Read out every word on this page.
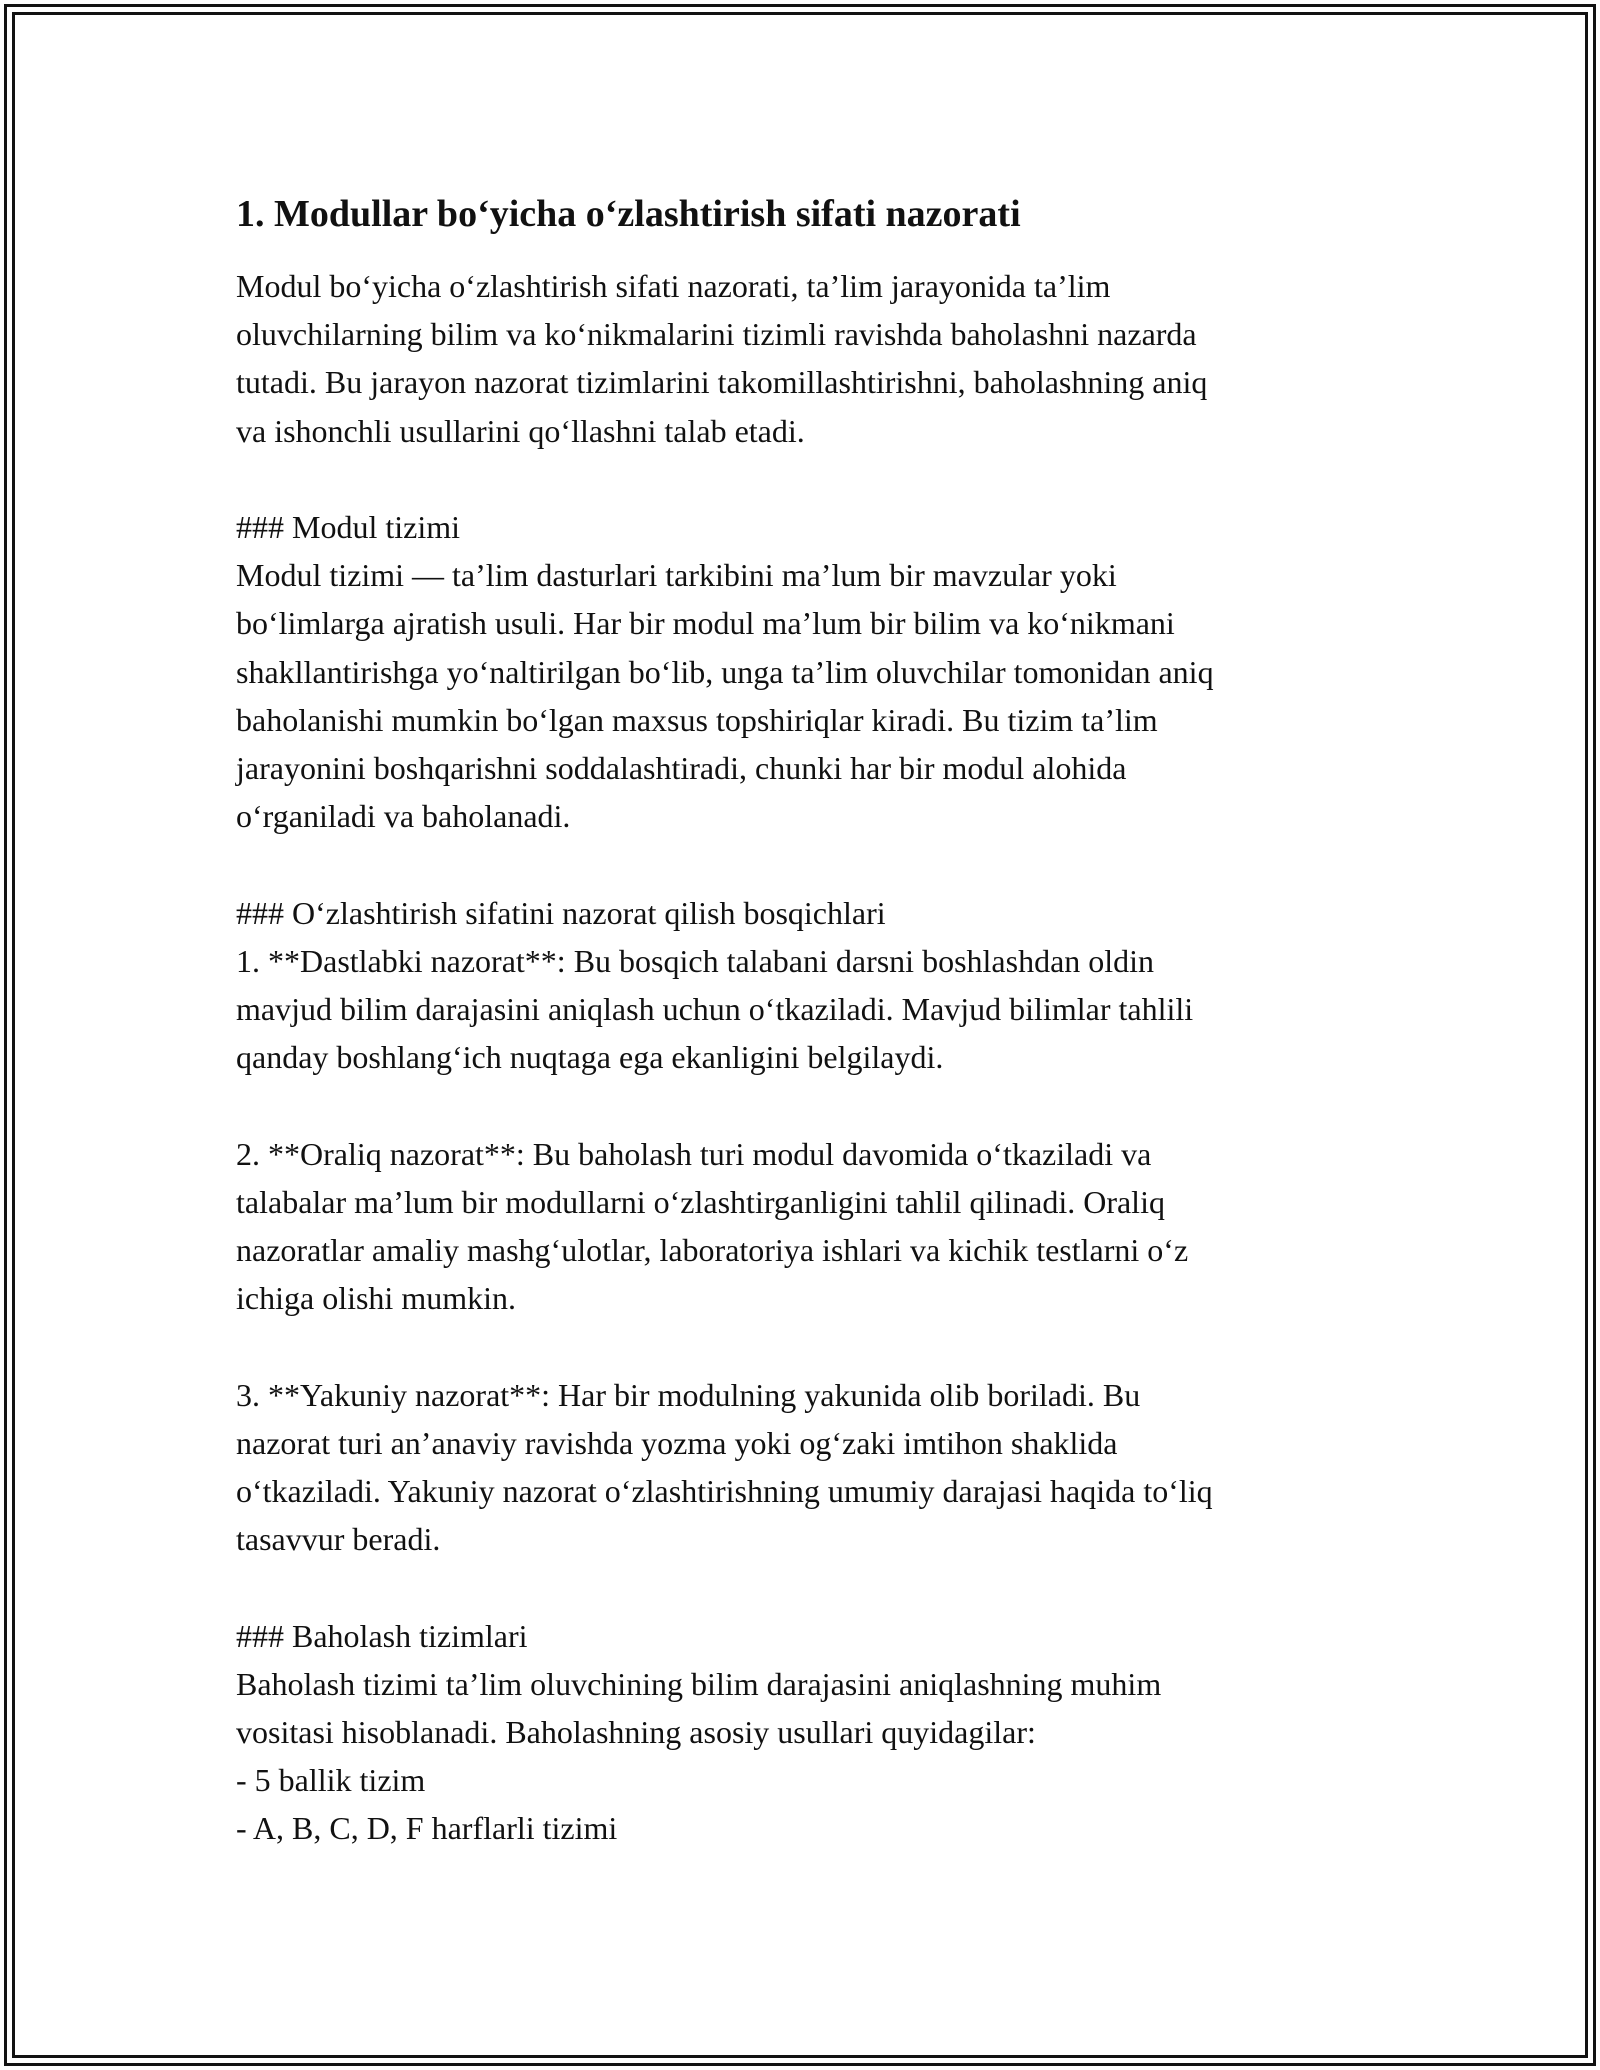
1. Modullar bo‘yicha o‘zlashtirish sifati nazorati

Modul bo‘yicha o‘zlashtirish sifati nazorati, ta’lim jarayonida ta’lim

oluvchilarning bilim va ko‘nikmalarini tizimli ravishda baholashni nazarda

tutadi. Bu jarayon nazorat tizimlarini takomillashtirishni, baholashning aniq

va ishonchli usullarini qo‘llashni talab etadi.

### Modul tizimi

Modul tizimi — ta’lim dasturlari tarkibini ma’lum bir mavzular yoki

bo‘limlarga ajratish usuli. Har bir modul ma’lum bir bilim va ko‘nikmani

shakllantirishga yo‘naltirilgan bo‘lib, unga ta’lim oluvchilar tomonidan aniq

baholanishi mumkin bo‘lgan maxsus topshiriqlar kiradi. Bu tizim ta’lim

jarayonini boshqarishni soddalashtiradi, chunki har bir modul alohida

o‘rganiladi va baholanadi.

### O‘zlashtirish sifatini nazorat qilish bosqichlari

1. **Dastlabki nazorat**: Bu bosqich talabani darsni boshlashdan oldin

mavjud bilim darajasini aniqlash uchun o‘tkaziladi. Mavjud bilimlar tahlili

qanday boshlang‘ich nuqtaga ega ekanligini belgilaydi.

2. **Oraliq nazorat**: Bu baholash turi modul davomida o‘tkaziladi va

talabalar ma’lum bir modullarni o‘zlashtirganligini tahlil qilinadi. Oraliq

nazoratlar amaliy mashg‘ulotlar, laboratoriya ishlari va kichik testlarni o‘z

ichiga olishi mumkin.

3. **Yakuniy nazorat**: Har bir modulning yakunida olib boriladi. Bu

nazorat turi an’anaviy ravishda yozma yoki og‘zaki imtihon shaklida

o‘tkaziladi. Yakuniy nazorat o‘zlashtirishning umumiy darajasi haqida to‘liq

tasavvur beradi.

### Baholash tizimlari

Baholash tizimi ta’lim oluvchining bilim darajasini aniqlashning muhim

vositasi hisoblanadi. Baholashning asosiy usullari quyidagilar:

- 5 ballik tizim

- A, B, C, D, F harflarli tizimi
